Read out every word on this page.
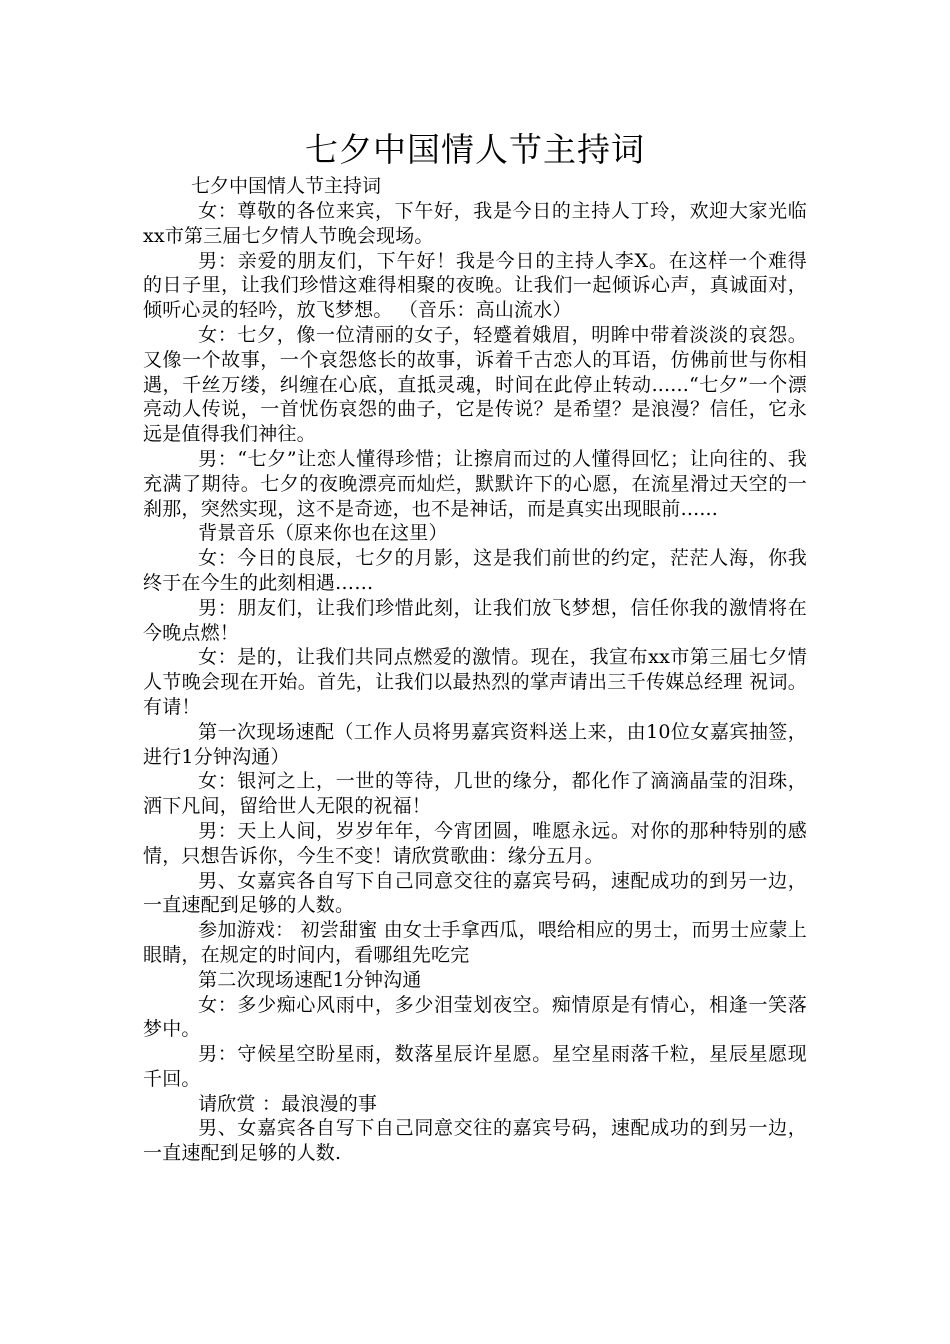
七夕中国情人节主持词

七夕中国情人节主持词

女：尊敬的各位来宾，下午好，我是今日的主持人丁玲，欢迎大家光临xx市第三届七夕情人节晚会现场。

男：亲爱的朋友们，下午好！我是今日的主持人李X。在这样一个难得的日子里，让我们珍惜这难得相聚的夜晚。让我们一起倾诉心声，真诚面对，倾听心灵的轻吟，放飞梦想。 （音乐：高山流水）

女：七夕，像一位清丽的女子，轻蹙着娥眉，明眸中带着淡淡的哀怨。又像一个故事，一个哀怨悠长的故事，诉着千古恋人的耳语，仿佛前世与你相遇，千丝万缕，纠缠在心底，直抵灵魂，时间在此停止转动......“七夕”一个漂亮动人传说，一首忧伤哀怨的曲子，它是传说？是希望？是浪漫？信任，它永远是值得我们神往。

男：“七夕”让恋人懂得珍惜；让擦肩而过的人懂得回忆；让向往的、我充满了期待。七夕的夜晚漂亮而灿烂，默默许下的心愿，在流星滑过天空的一刹那，突然实现，这不是奇迹，也不是神话，而是真实出现眼前......

背景音乐（原来你也在这里）

女：今日的良辰，七夕的月影，这是我们前世的约定，茫茫人海，你我终于在今生的此刻相遇……

男：朋友们，让我们珍惜此刻，让我们放飞梦想，信任你我的激情将在今晚点燃！

女：是的，让我们共同点燃爱的激情。现在，我宣布xx市第三届七夕情人节晚会现在开始。首先，让我们以最热烈的掌声请出三千传媒总经理 祝词。有请！

第一次现场速配（工作人员将男嘉宾资料送上来，由10位女嘉宾抽签，进行1分钟沟通）

女：银河之上，一世的等待，几世的缘分，都化作了滴滴晶莹的泪珠，洒下凡间，留给世人无限的祝福！

男：天上人间，岁岁年年，今宵团圆，唯愿永远。对你的那种特别的感情，只想告诉你，今生不变！请欣赏歌曲：缘分五月。

男、女嘉宾各自写下自己同意交往的嘉宾号码，速配成功的到另一边，一直速配到足够的人数。

参加游戏： 初尝甜蜜 由女士手拿西瓜，喂给相应的男士，而男士应蒙上眼睛，在规定的时间内，看哪组先吃完

第二次现场速配1分钟沟通

女：多少痴心风雨中，多少泪莹划夜空。痴情原是有情心，相逢一笑落梦中。

男：守候星空盼星雨，数落星辰许星愿。星空星雨落千粒，星辰星愿现千回。

请欣赏 ：最浪漫的事

男、女嘉宾各自写下自己同意交往的嘉宾号码，速配成功的到另一边，一直速配到足够的人数.
